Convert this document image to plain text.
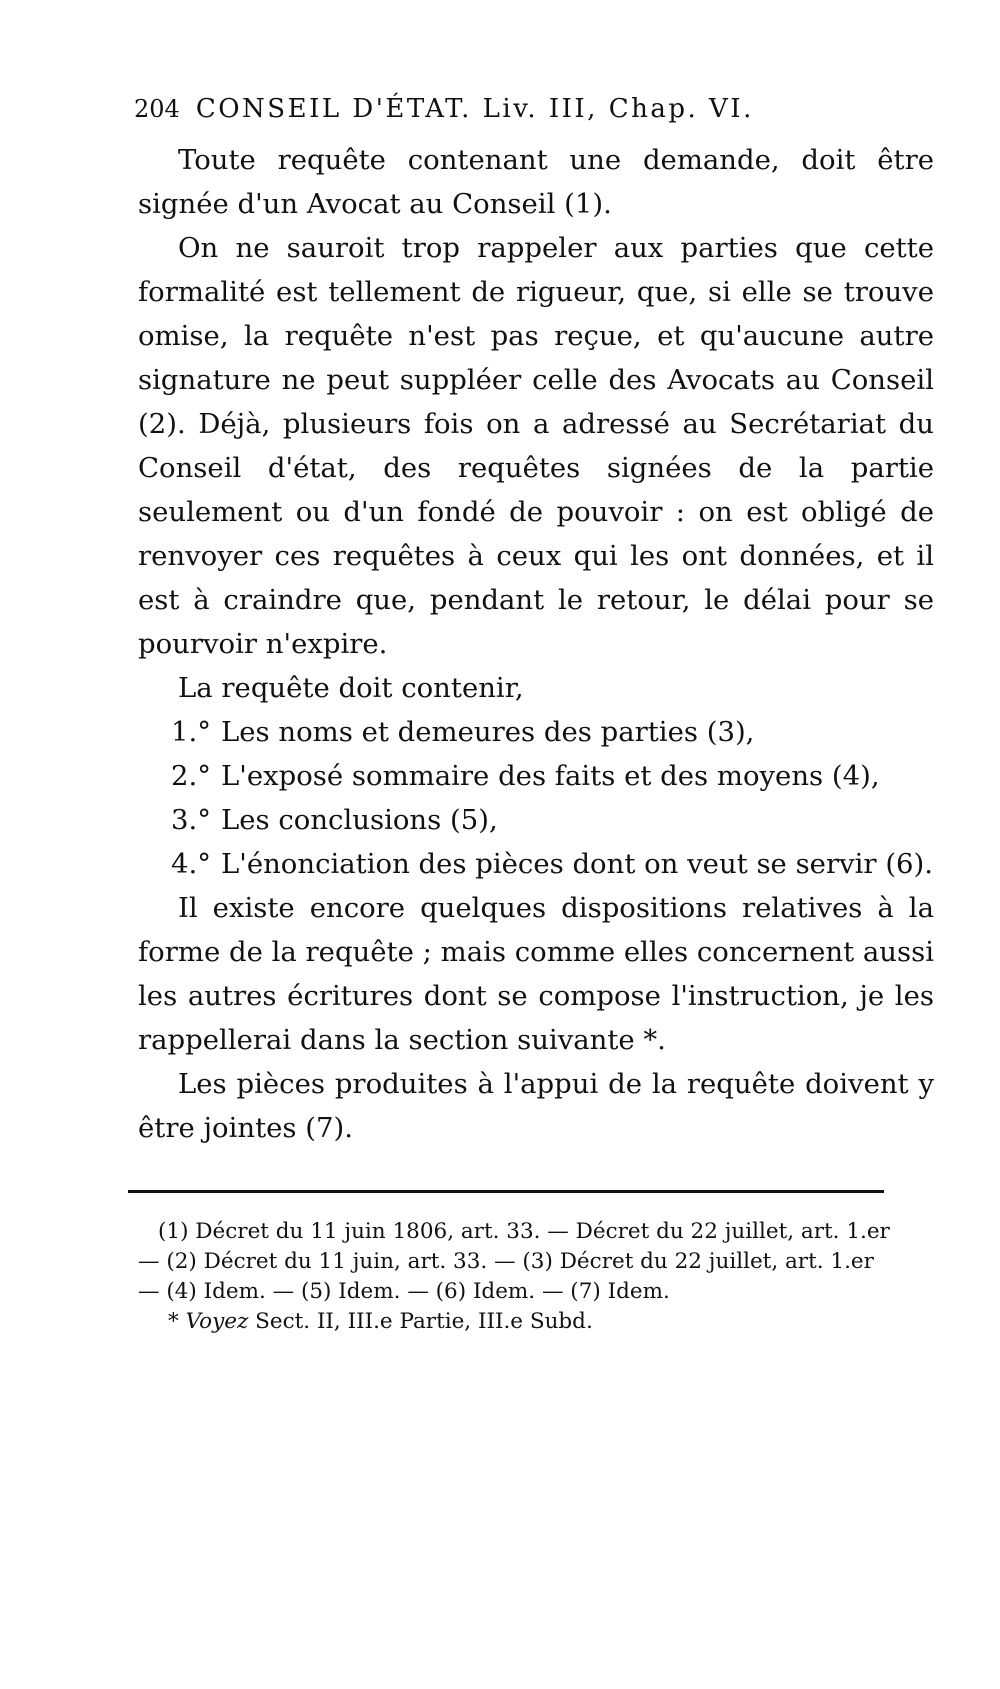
204 CONSEIL D'ÉTAT. Liv. III, Chap. VI.

Toute requête contenant une demande, doit être signée d'un Avocat au Conseil (1).

On ne sauroit trop rappeler aux parties que cette formalité est tellement de rigueur, que, si elle se trouve omise, la requête n'est pas reçue, et qu'aucune autre signature ne peut suppléer celle des Avocats au Conseil (2). Déjà, plusieurs fois on a adressé au Secrétariat du Conseil d'état, des requêtes signées de la partie seulement ou d'un fondé de pouvoir : on est obligé de renvoyer ces requêtes à ceux qui les ont données, et il est à craindre que, pendant le retour, le délai pour se pourvoir n'expire.

La requête doit contenir,

1.° Les noms et demeures des parties (3),
2.° L'exposé sommaire des faits et des moyens (4),
3.° Les conclusions (5),
4.° L'énonciation des pièces dont on veut se servir (6).

Il existe encore quelques dispositions relatives à la forme de la requête ; mais comme elles concernent aussi les autres écritures dont se compose l'instruction, je les rappellerai dans la section suivante *.

Les pièces produites à l'appui de la requête doivent y être jointes (7).

(1) Décret du 11 juin 1806, art. 33. — Décret du 22 juillet, art. 1.er
— (2) Décret du 11 juin, art. 33. — (3) Décret du 22 juillet, art. 1.er
— (4) Idem. — (5) Idem. — (6) Idem. — (7) Idem.
* Voyez Sect. II, III.e Partie, III.e Subd.
